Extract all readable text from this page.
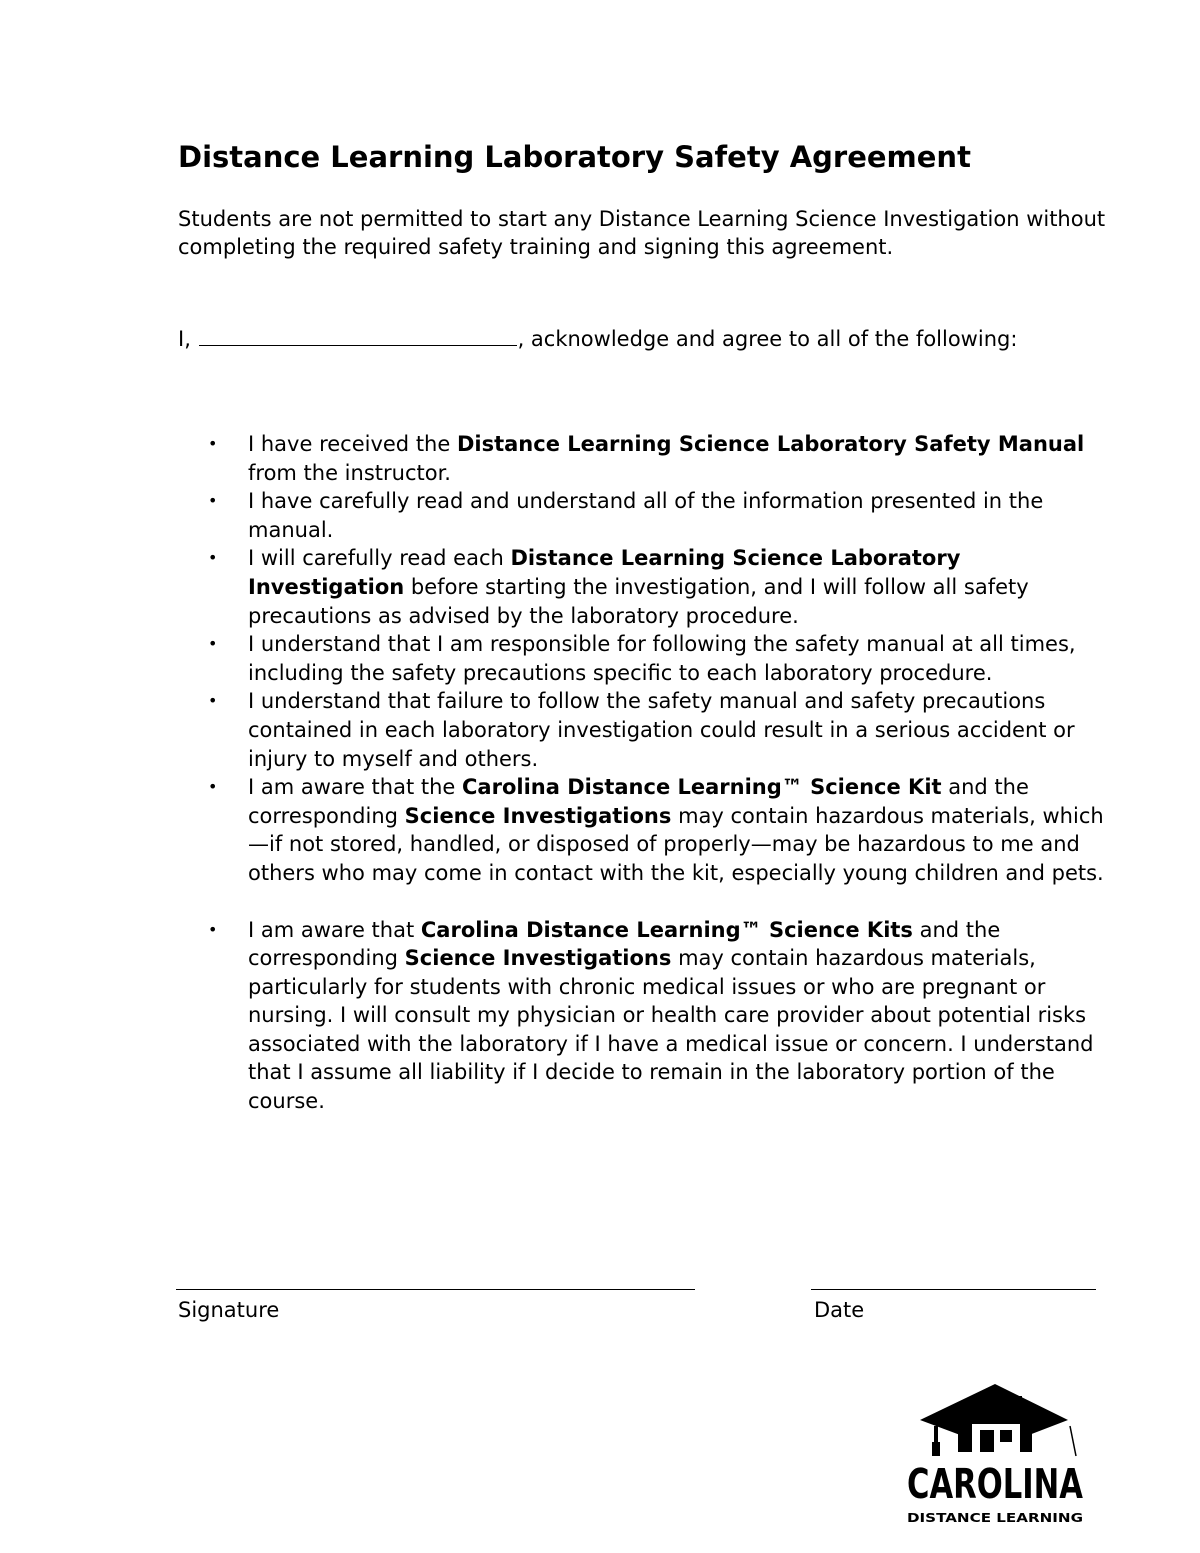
Distance Learning Laboratory Safety Agreement

Students are not permitted to start any Distance Learning Science Investigation without completing the required safety training and signing this agreement.

I,	, acknowledge and agree to all of the following:

• I have received the Distance Learning Science Laboratory Safety Manual from the instructor.
• I have carefully read and understand all of the information presented in the manual.
• I will carefully read each Distance Learning Science Laboratory Investigation before starting the investigation, and I will follow all safety precautions as advised by the laboratory procedure.
• I understand that I am responsible for following the safety manual at all times, including the safety precautions specific to each laboratory procedure.
• I understand that failure to follow the safety manual and safety precautions contained in each laboratory investigation could result in a serious accident or injury to myself and others.
• I am aware that the Carolina Distance Learning™ Science Kit and the corresponding Science Investigations may contain hazardous materials, which—if not stored, handled, or disposed of properly—may be hazardous to me and others who may come in contact with the kit, especially young children and pets.
• I am aware that Carolina Distance Learning™ Science Kits and the corresponding Science Investigations may contain hazardous materials, particularly for students with chronic medical issues or who are pregnant or nursing. I will consult my physician or health care provider about potential risks associated with the laboratory if I have a medical issue or concern. I understand that I assume all liability if I decide to remain in the laboratory portion of the course.
Signature	Date
CAROLINA
DISTANCE LEARNING
